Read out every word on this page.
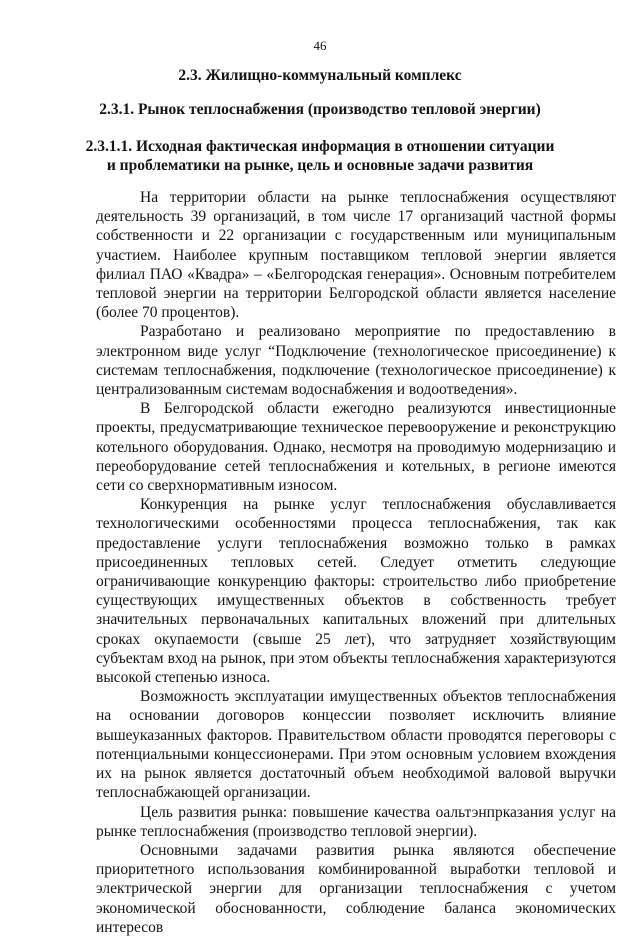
46
2.3. Жилищно-коммунальный комплекс
2.3.1. Рынок теплоснабжения (производство тепловой энергии)
2.3.1.1. Исходная фактическая информация в отношении ситуации
и проблематики на рынке, цель и основные задачи развития

На территории области на рынке теплоснабжения осуществляют деятельность 39 организаций, в том числе 17 организаций частной формы собственности и 22 организации с государственным или муниципальным участием. Наиболее крупным поставщиком тепловой энергии является филиал ПАО «Квадра» – «Белгородская генерация». Основным потребителем тепловой энергии на территории Белгородской области является население (более 70 процентов).

Разработано и реализовано мероприятие по предоставлению в электронном виде услуг “Подключение (технологическое присоединение) к системам теплоснабжения, подключение (технологическое присоединение) к централизованным системам водоснабжения и водоотведения».

В Белгородской области ежегодно реализуются инвестиционные проекты, предусматривающие техническое перевооружение и реконструкцию котельного оборудования. Однако, несмотря на проводимую модернизацию и переоборудование сетей теплоснабжения и котельных, в регионе имеются сети со сверхнормативным износом.

Конкуренция на рынке услуг теплоснабжения обуславливается технологическими особенностями процесса теплоснабжения, так как предоставление услуги теплоснабжения возможно только в рамках присоединенных тепловых сетей. Следует отметить следующие ограничивающие конкуренцию факторы: строительство либо приобретение существующих имущественных объектов в собственность требует значительных первоначальных капитальных вложений при длительных сроках окупаемости (свыше 25 лет), что затрудняет хозяйствующим субъектам вход на рынок, при этом объекты теплоснабжения характеризуются высокой степенью износа.

Возможность эксплуатации имущественных объектов теплоснабжения на основании договоров концессии позволяет исключить влияние вышеуказанных факторов. Правительством области проводятся переговоры с потенциальными концессионерами. При этом основным условием вхождения их на рынок является достаточный объем необходимой валовой выручки теплоснабжающей организации.

Цель развития рынка: повышение качества оальтэнпрказания услуг на рынке теплоснабжения (производство тепловой энергии).

Основными задачами развития рынка являются обеспечение приоритетного использования комбинированной выработки тепловой и электрической энергии для организации теплоснабжения с учетом экономической обоснованности, соблюдение баланса экономических интересов
